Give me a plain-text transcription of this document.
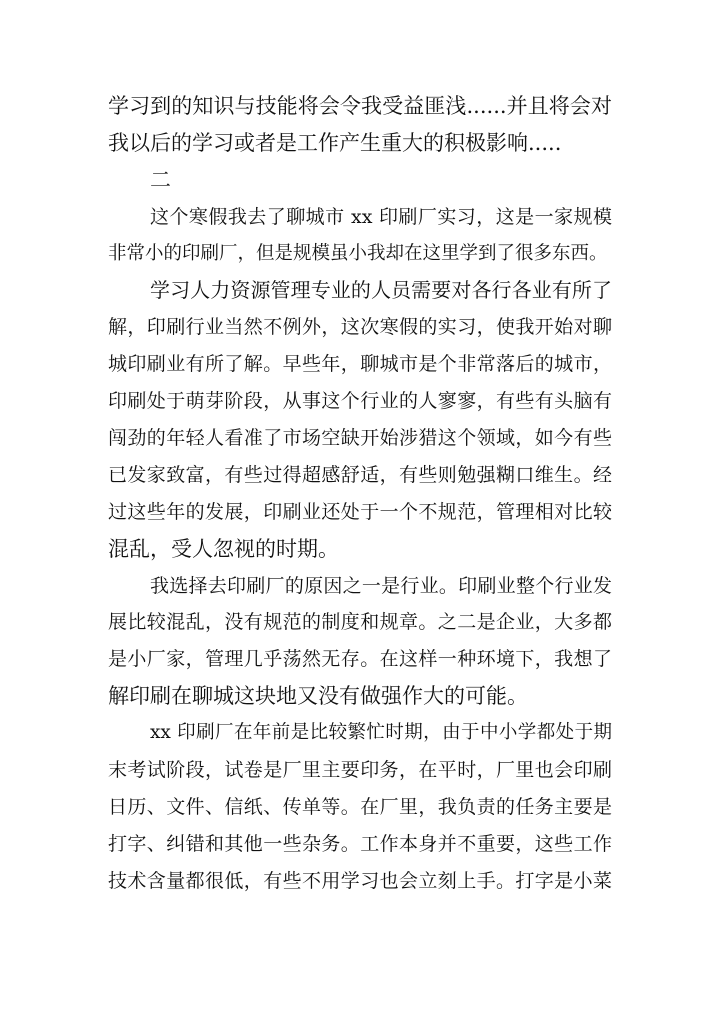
学习到的知识与技能将会令我受益匪浅......并且将会对
我以后的学习或者是工作产生重大的积极影响.....
二
这个寒假我去了聊城市 xx 印刷厂实习，这是一家规模
非常小的印刷厂，但是规模虽小我却在这里学到了很多东西。
学习人力资源管理专业的人员需要对各行各业有所了
解，印刷行业当然不例外，这次寒假的实习，使我开始对聊
城印刷业有所了解。早些年，聊城市是个非常落后的城市，
印刷处于萌芽阶段，从事这个行业的人寥寥，有些有头脑有
闯劲的年轻人看准了市场空缺开始涉猎这个领域，如今有些
已发家致富，有些过得超感舒适，有些则勉强糊口维生。经
过这些年的发展，印刷业还处于一个不规范，管理相对比较
混乱，受人忽视的时期。
我选择去印刷厂的原因之一是行业。印刷业整个行业发
展比较混乱，没有规范的制度和规章。之二是企业，大多都
是小厂家，管理几乎荡然无存。在这样一种环境下，我想了
解印刷在聊城这块地又没有做强作大的可能。
xx 印刷厂在年前是比较繁忙时期，由于中小学都处于期
末考试阶段，试卷是厂里主要印务，在平时，厂里也会印刷
日历、文件、信纸、传单等。在厂里，我负责的任务主要是
打字、纠错和其他一些杂务。工作本身并不重要，这些工作
技术含量都很低，有些不用学习也会立刻上手。打字是小菜
